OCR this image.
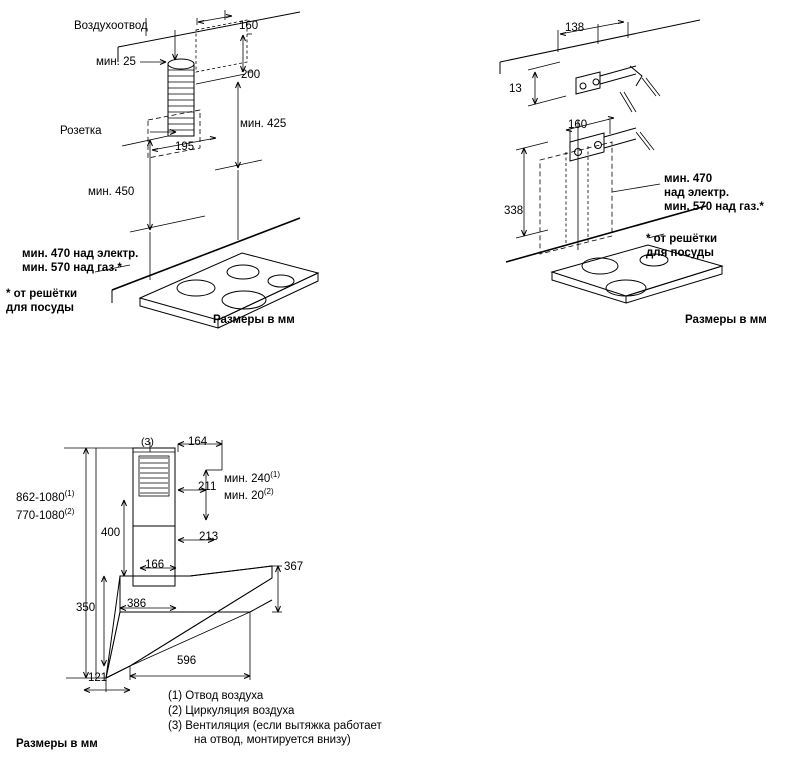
Воздухоотвод
мин. 25
160
200
Розетка
195
мин. 425
мин. 450
мин. 470 над электр.
мин. 570 над газ.*
* от решётки
для посуды
Размеры в мм
138
13
160
338
мин. 470
над электр.
мин. 570 над газ.*
* от решётки
для посуды
Размеры в мм
(3)	164
мин. 240$^{(1)}$
мин. 20$^{(2)}$
211
213
862-1080$^{(1)}$
770-1080$^{(2)}$
400
166	367
350	386
596
121
(1) Отвод воздуха
(2) Циркуляция воздуха
(3) Вентиляция (если вытяжка работает
на отвод, монтируется внизу)
Размеры в мм
